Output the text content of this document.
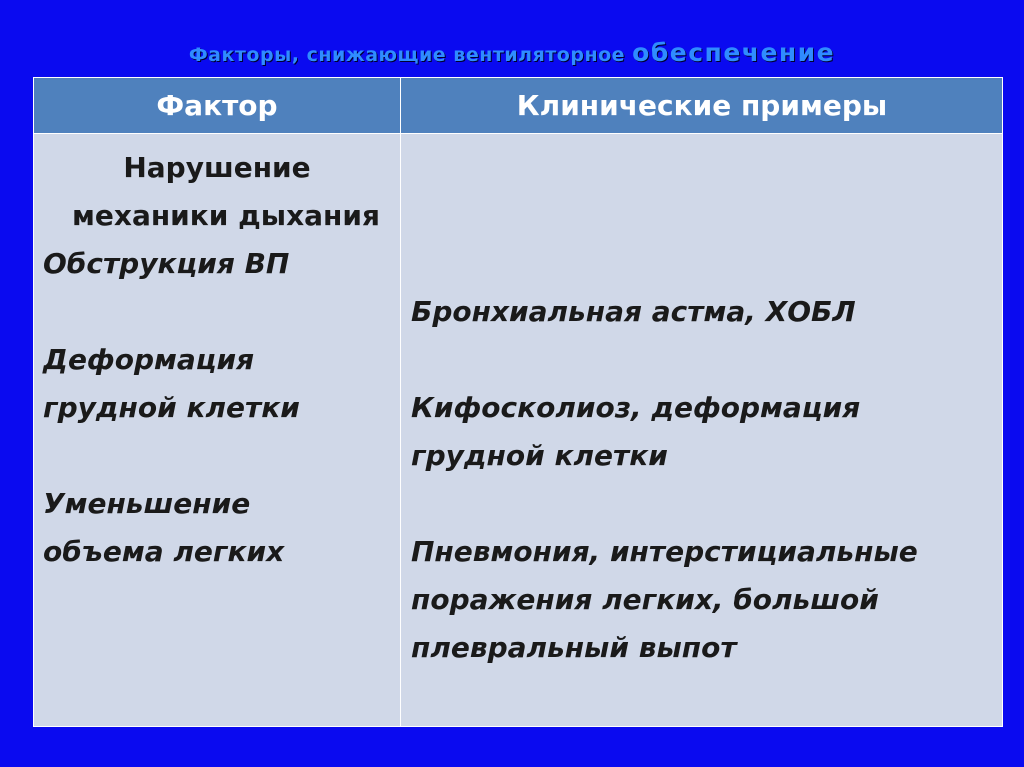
Факторы, снижающие вентиляторное обеспечение
Фактор	Клинические примеры
Нарушение
механики дыхания
Обструкция ВП
Деформация
грудной клетки
Уменьшение
объема легких
Бронхиальная астма, ХОБЛ
Кифосколиоз, деформация
грудной клетки
Пневмония, интерстициальные
поражения легких, большой
плевральный выпот
